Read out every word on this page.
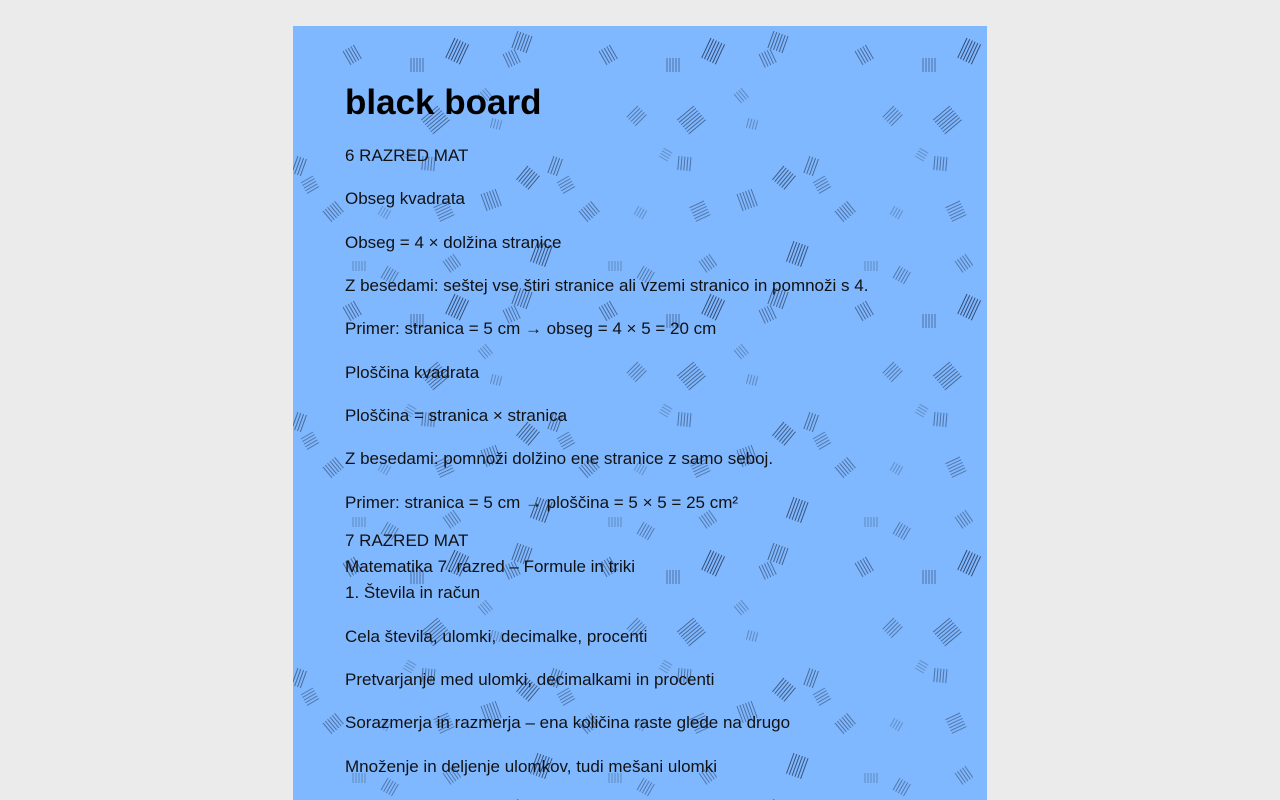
black board

6 RAZRED MAT

Obseg kvadrata

Obseg = 4 × dolžina stranice

Z besedami: seštej vse štiri stranice ali vzemi stranico in pomnoži s 4.

Primer: stranica = 5 cm → obseg = 4 × 5 = 20 cm

Ploščina kvadrata

Ploščina = stranica × stranica

Z besedami: pomnoži dolžino ene stranice z samo seboj.

Primer: stranica = 5 cm → ploščina = 5 × 5 = 25 cm²

7 RAZRED MAT

Matematika 7. razred – Formule in triki

1. Števila in račun

Cela števila, ulomki, decimalke, procenti

Pretvarjanje med ulomki, decimalkami in procenti

Sorazmerja in razmerja – ena količina raste glede na drugo

Množenje in deljenje ulomkov, tudi mešani ulomki
